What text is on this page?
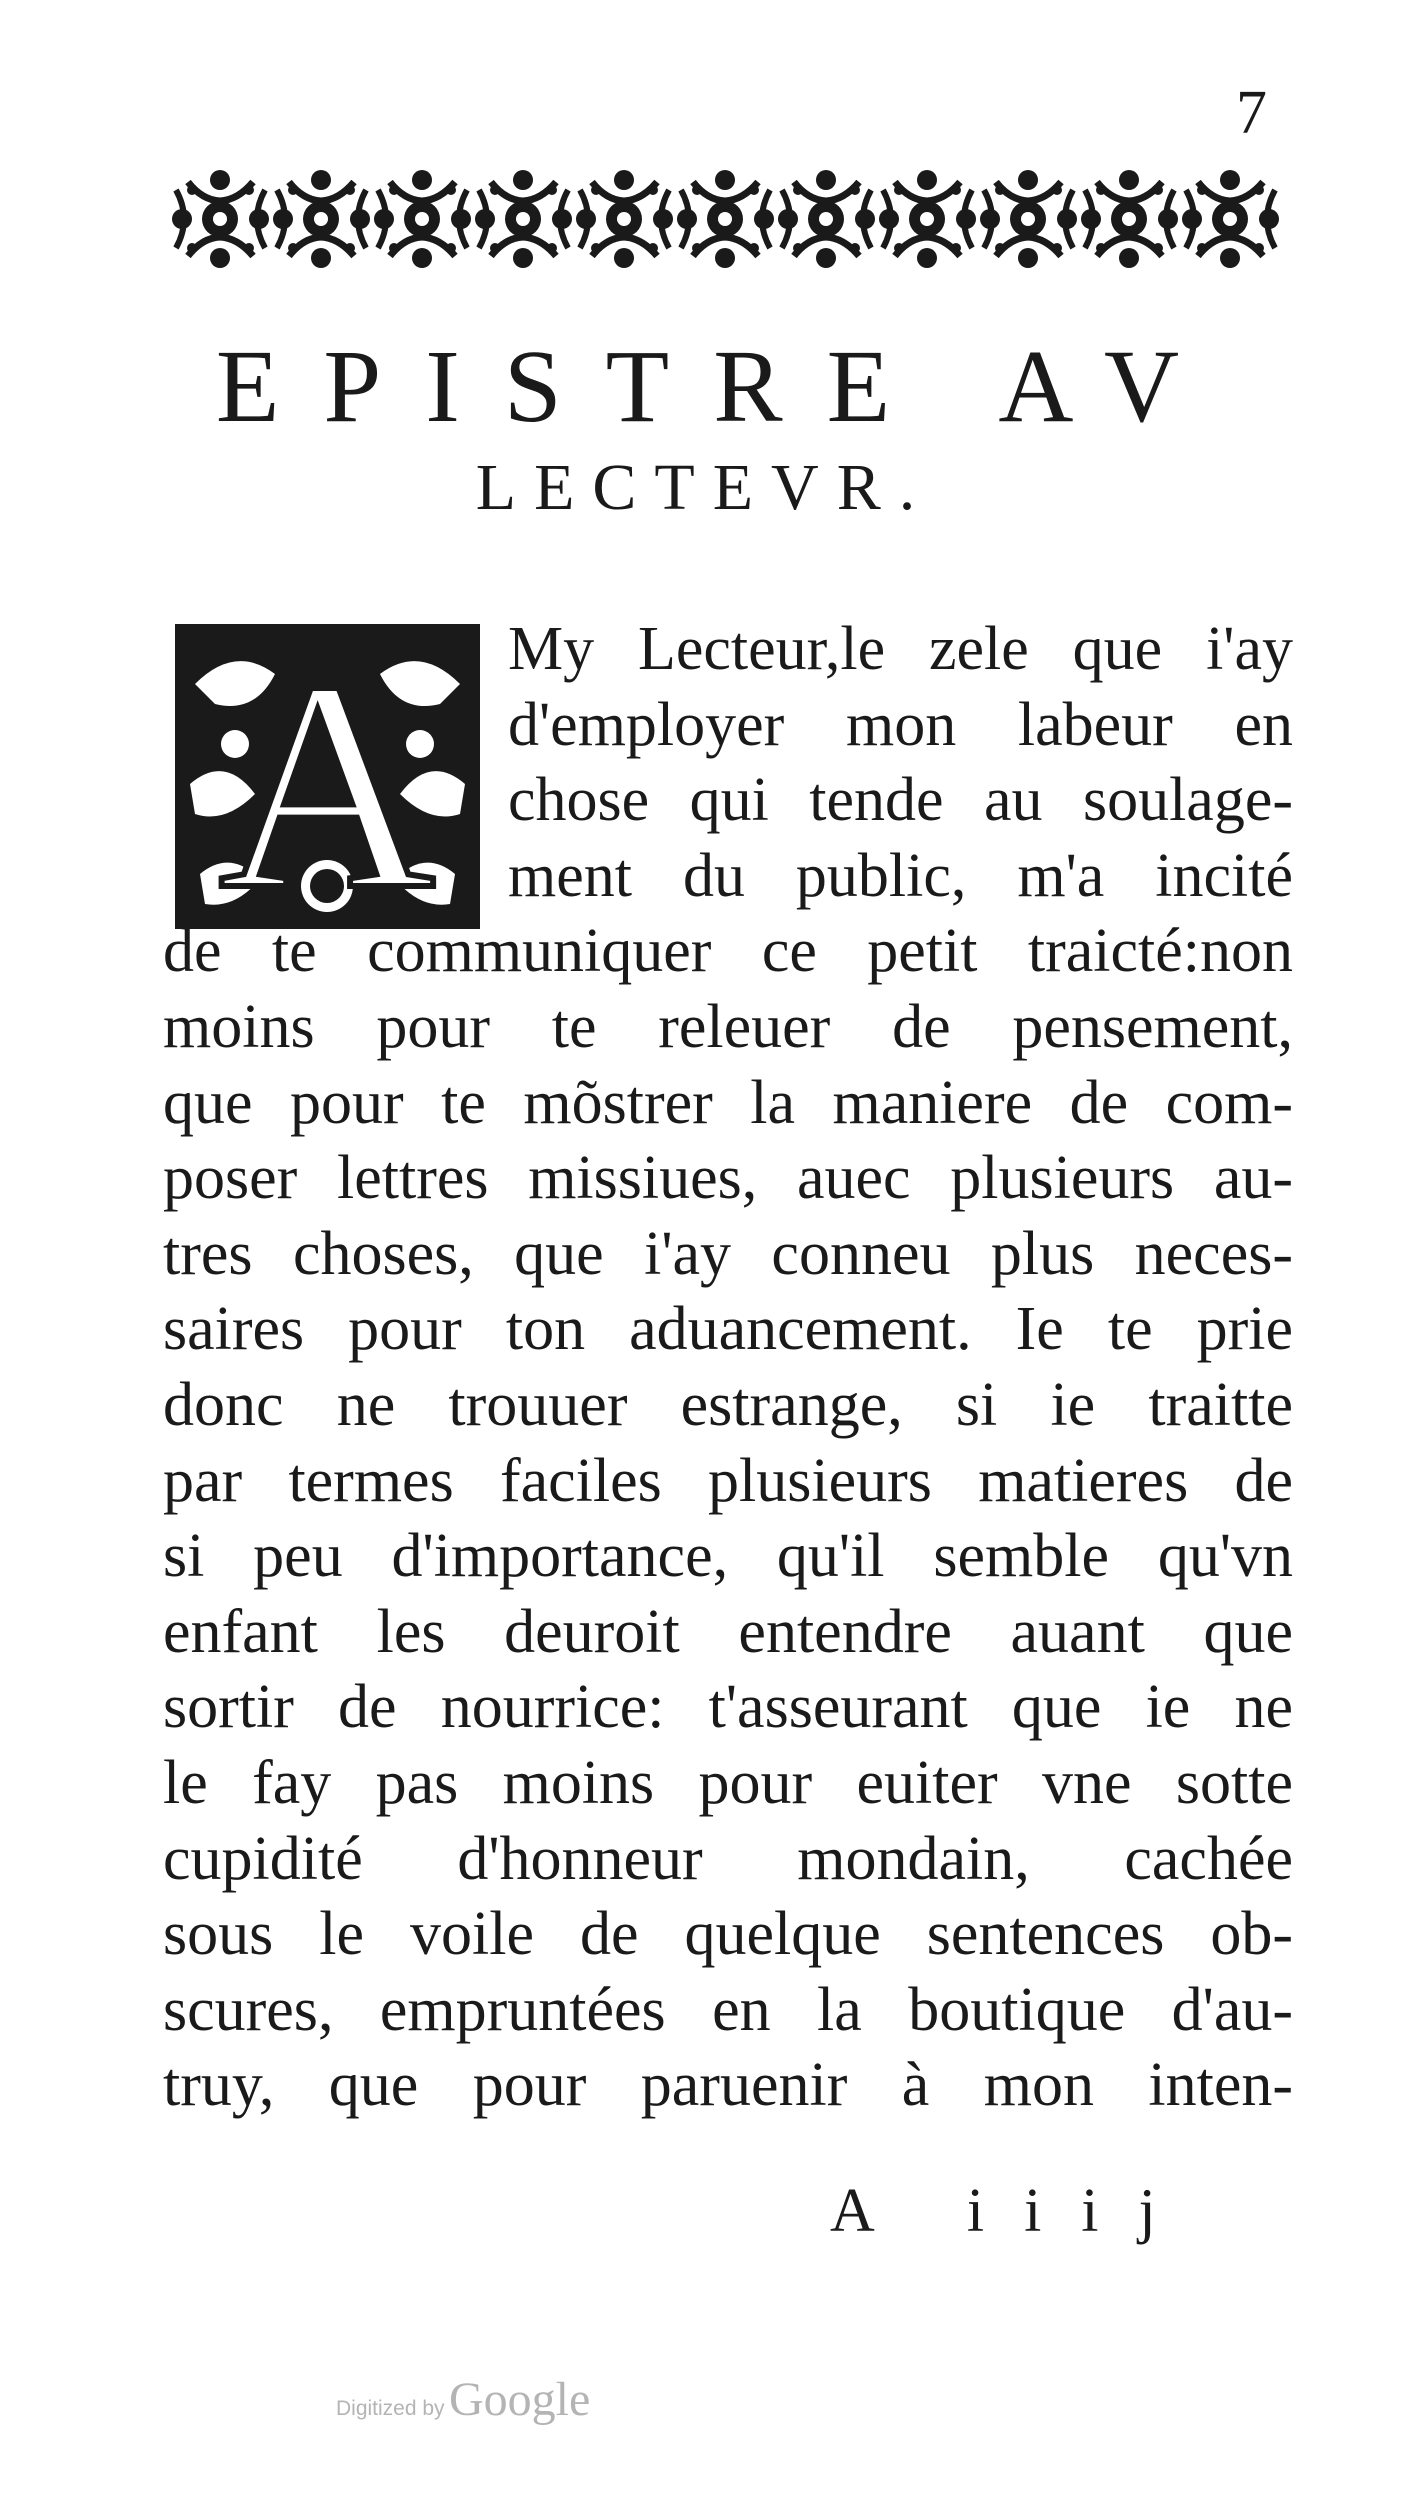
7
EPISTRE AV
LECTEVR.
A My Lecteur,le zele que i'ay
d'employer mon labeur en
chose qui tende au soulage-
ment du public, m'a incité
de te communiquer ce petit traicté:non
moins pour te releuer de pensement,
que pour te mõstrer la maniere de com-
poser lettres missiues, auec plusieurs au-
tres choses, que i'ay conneu plus neces-
saires pour ton aduancement. Ie te prie
donc ne trouuer estrange, si ie traitte
par termes faciles plusieurs matieres de
si peu d'importance, qu'il semble qu'vn
enfant les deuroit entendre auant que
sortir de nourrice: t'asseurant que ie ne
le fay pas moins pour euiter vne sotte
cupidité d'honneur mondain, cachée
sous le voile de quelque sentences ob-
scures, empruntées en la boutique d'au-
truy, que pour paruenir à mon inten-
A iiij
Digitized by Google
